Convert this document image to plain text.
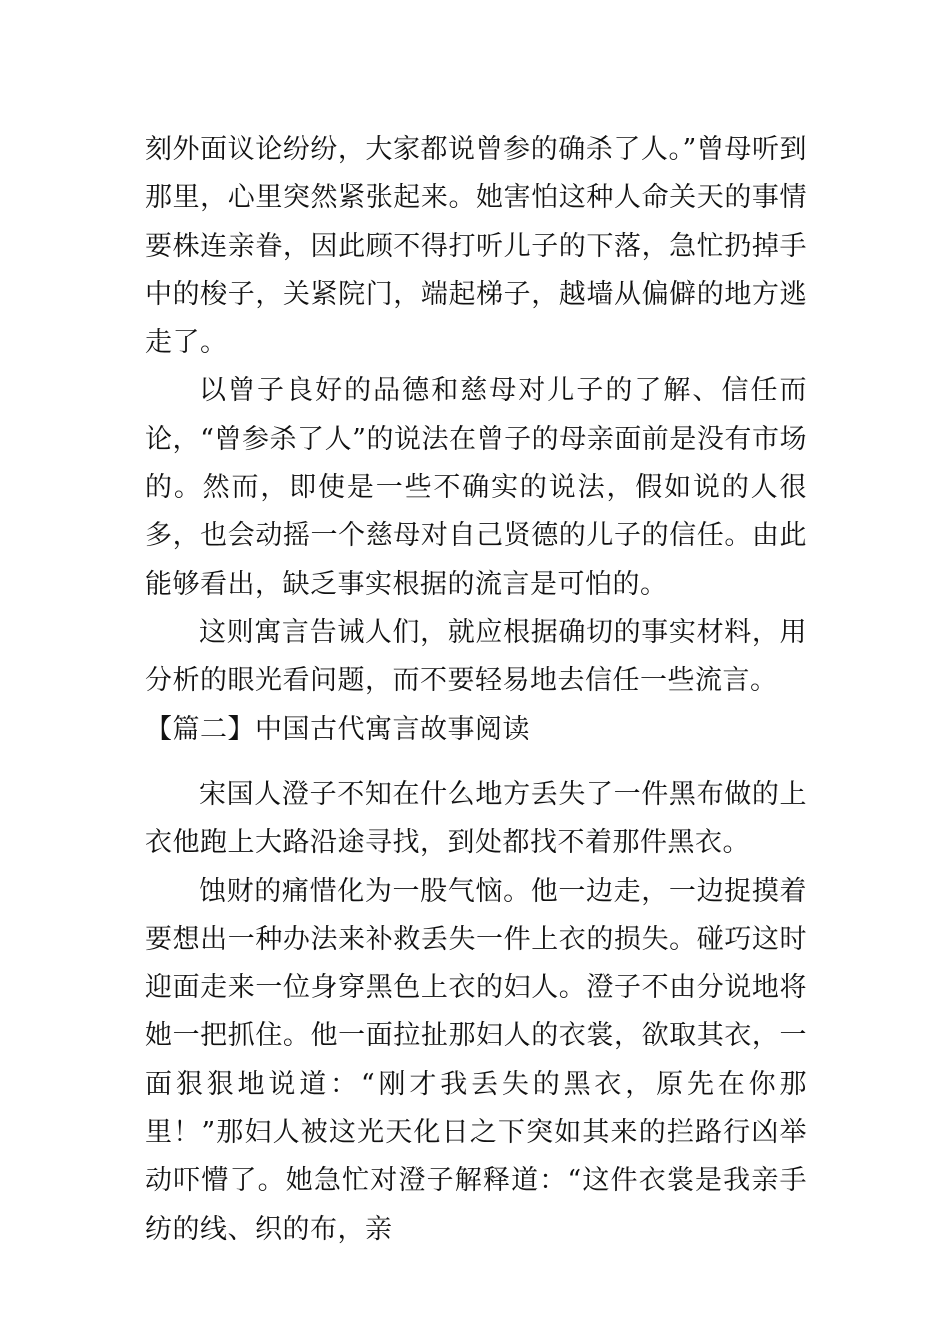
刻外面议论纷纷，大家都说曾参的确杀了人。”曾母听到那里，心里突然紧张起来。她害怕这种人命关天的事情要株连亲眷，因此顾不得打听儿子的下落，急忙扔掉手中的梭子，关紧院门，端起梯子，越墙从偏僻的地方逃走了。

以曾子良好的品德和慈母对儿子的了解、信任而论，“曾参杀了人”的说法在曾子的母亲面前是没有市场的。然而，即使是一些不确实的说法，假如说的人很多，也会动摇一个慈母对自己贤德的儿子的信任。由此能够看出，缺乏事实根据的流言是可怕的。

这则寓言告诫人们，就应根据确切的事实材料，用分析的眼光看问题，而不要轻易地去信任一些流言。

【篇二】中国古代寓言故事阅读

宋国人澄子不知在什么地方丢失了一件黑布做的上衣他跑上大路沿途寻找，到处都找不着那件黑衣。

蚀财的痛惜化为一股气恼。他一边走，一边捉摸着要想出一种办法来补救丢失一件上衣的损失。碰巧这时迎面走来一位身穿黑色上衣的妇人。澄子不由分说地将她一把抓住。他一面拉扯那妇人的衣裳，欲取其衣，一面狠狠地说道：“刚才我丢失的黑衣，原先在你那里！”那妇人被这光天化日之下突如其来的拦路行凶举动吓懵了。她急忙对澄子解释道：“这件衣裳是我亲手纺的线、织的布，亲
